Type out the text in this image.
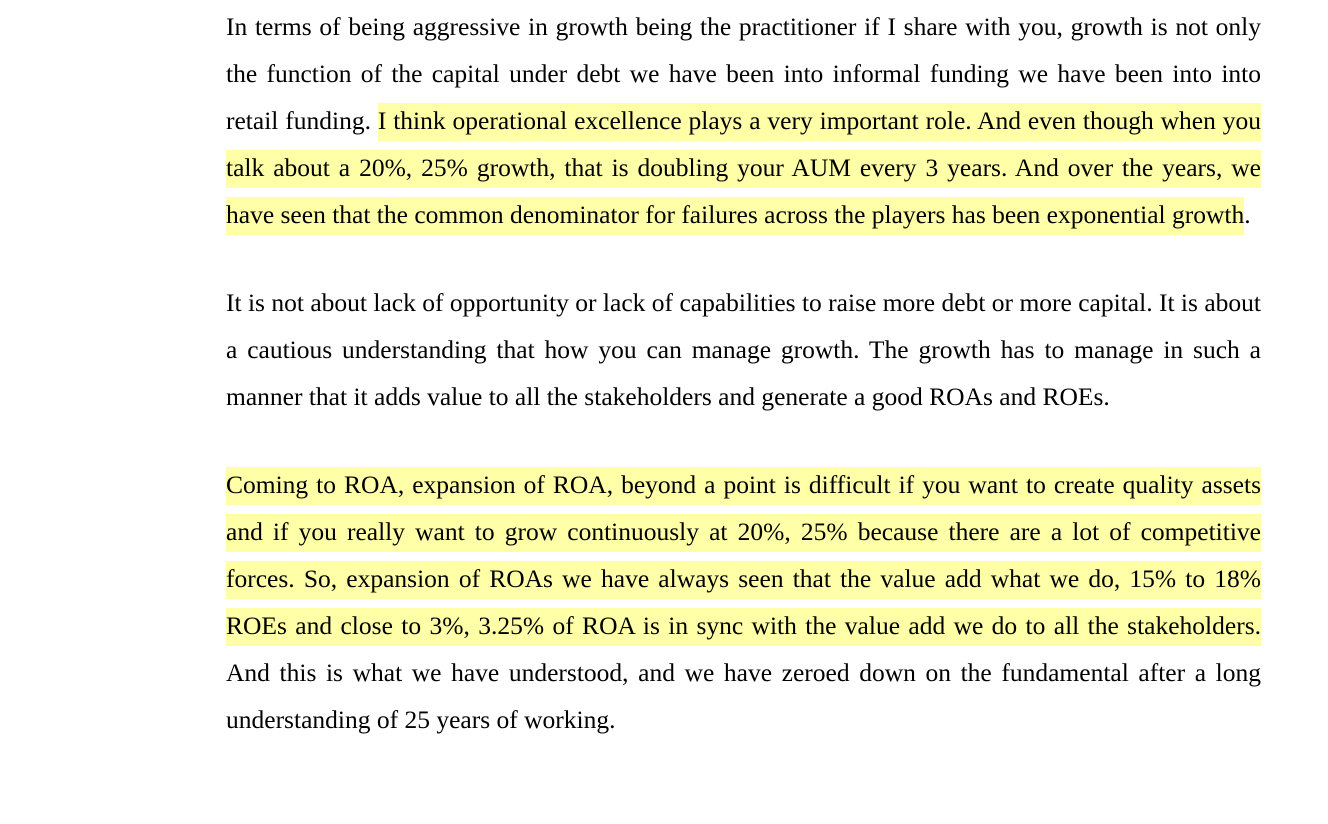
In terms of being aggressive in growth being the practitioner if I share with you, growth is not only the function of the capital under debt we have been into informal funding we have been into into retail funding. I think operational excellence plays a very important role. And even though when you talk about a 20%, 25% growth, that is doubling your AUM every 3 years. And over the years, we have seen that the common denominator for failures across the players has been exponential growth.

It is not about lack of opportunity or lack of capabilities to raise more debt or more capital. It is about a cautious understanding that how you can manage growth. The growth has to manage in such a manner that it adds value to all the stakeholders and generate a good ROAs and ROEs.

Coming to ROA, expansion of ROA, beyond a point is difficult if you want to create quality assets and if you really want to grow continuously at 20%, 25% because there are a lot of competitive forces. So, expansion of ROAs we have always seen that the value add what we do, 15% to 18% ROEs and close to 3%, 3.25% of ROA is in sync with the value add we do to all the stakeholders. And this is what we have understood, and we have zeroed down on the fundamental after a long understanding of 25 years of working.
